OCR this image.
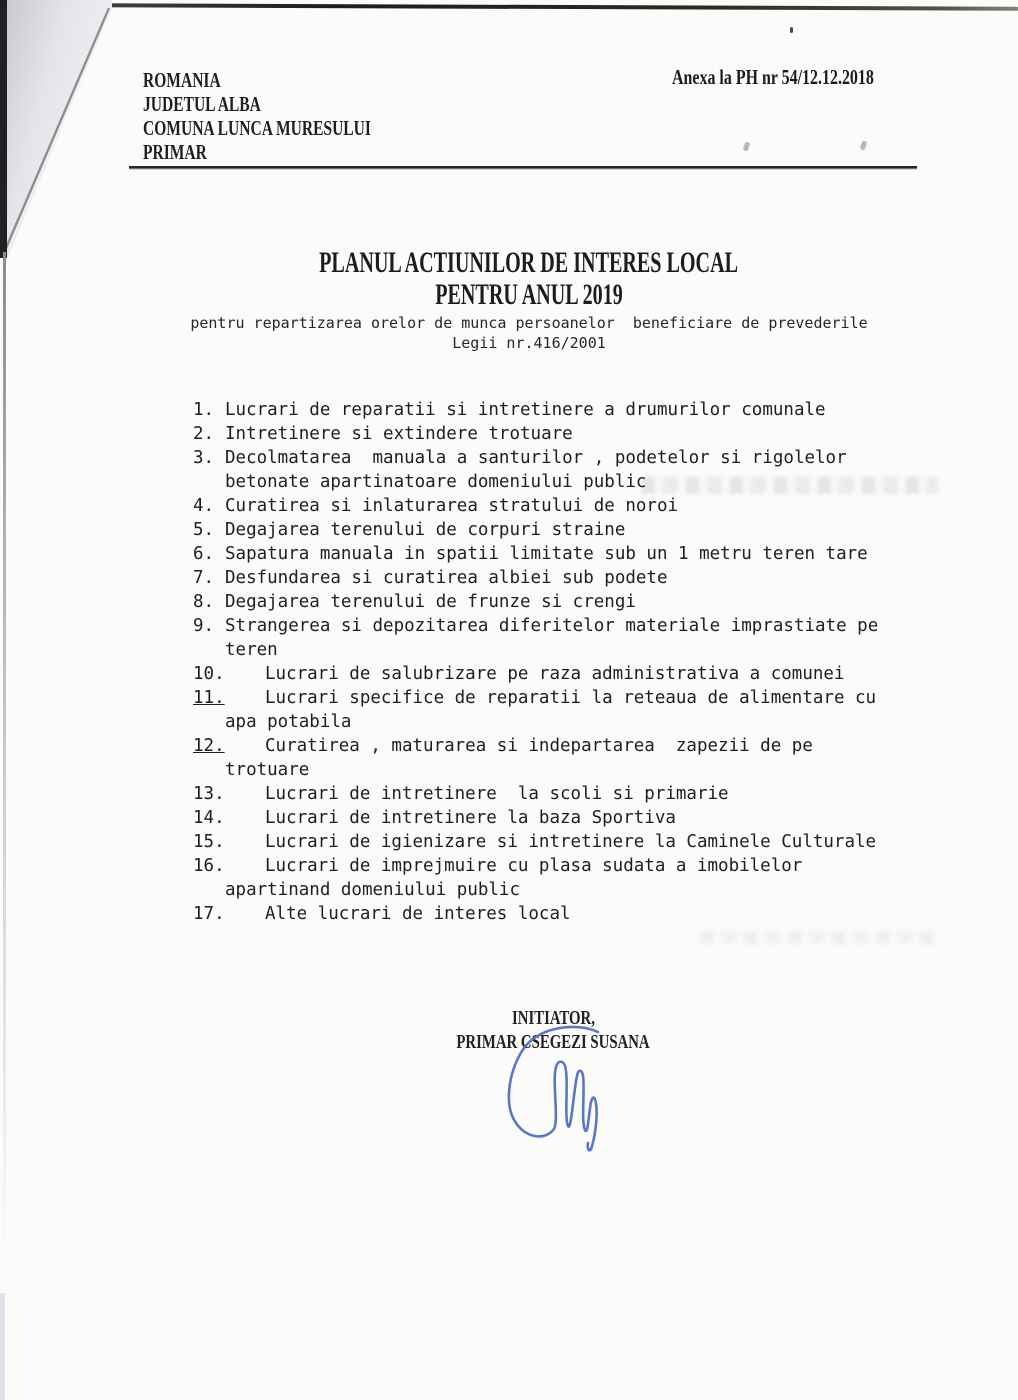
ROMANIA
JUDETUL ALBA
COMUNA LUNCA MURESULUI
PRIMAR
Anexa la PH nr 54/12.12.2018
PLANUL ACTIUNILOR DE INTERES LOCAL
PENTRU ANUL 2019
pentru repartizarea orelor de munca persoanelor  beneficiare de prevederile
Legii nr.416/2001
1. Lucrari de reparatii si intretinere a drumurilor comunale
2. Intretinere si extindere trotuare
3. Decolmatarea  manuala a santurilor , podetelor si rigolelor
betonate apartinatoare domeniului public
4. Curatirea si inlaturarea stratului de noroi
5. Degajarea terenului de corpuri straine
6. Sapatura manuala in spatii limitate sub un 1 metru teren tare
7. Desfundarea si curatirea albiei sub podete
8. Degajarea terenului de frunze si crengi
9. Strangerea si depozitarea diferitelor materiale imprastiate pe
teren
10.	Lucrari de salubrizare pe raza administrativa a comunei
11.	Lucrari specifice de reparatii la reteaua de alimentare cu
apa potabila
12.	Curatirea , maturarea si indepartarea  zapezii de pe
trotuare
13.	Lucrari de intretinere  la scoli si primarie
14.	Lucrari de intretinere la baza Sportiva
15.	Lucrari de igienizare si intretinere la Caminele Culturale
16.	Lucrari de imprejmuire cu plasa sudata a imobilelor
apartinand domeniului public
17.	Alte lucrari de interes local
INITIATOR,
PRIMAR CSEGEZI SUSANA
